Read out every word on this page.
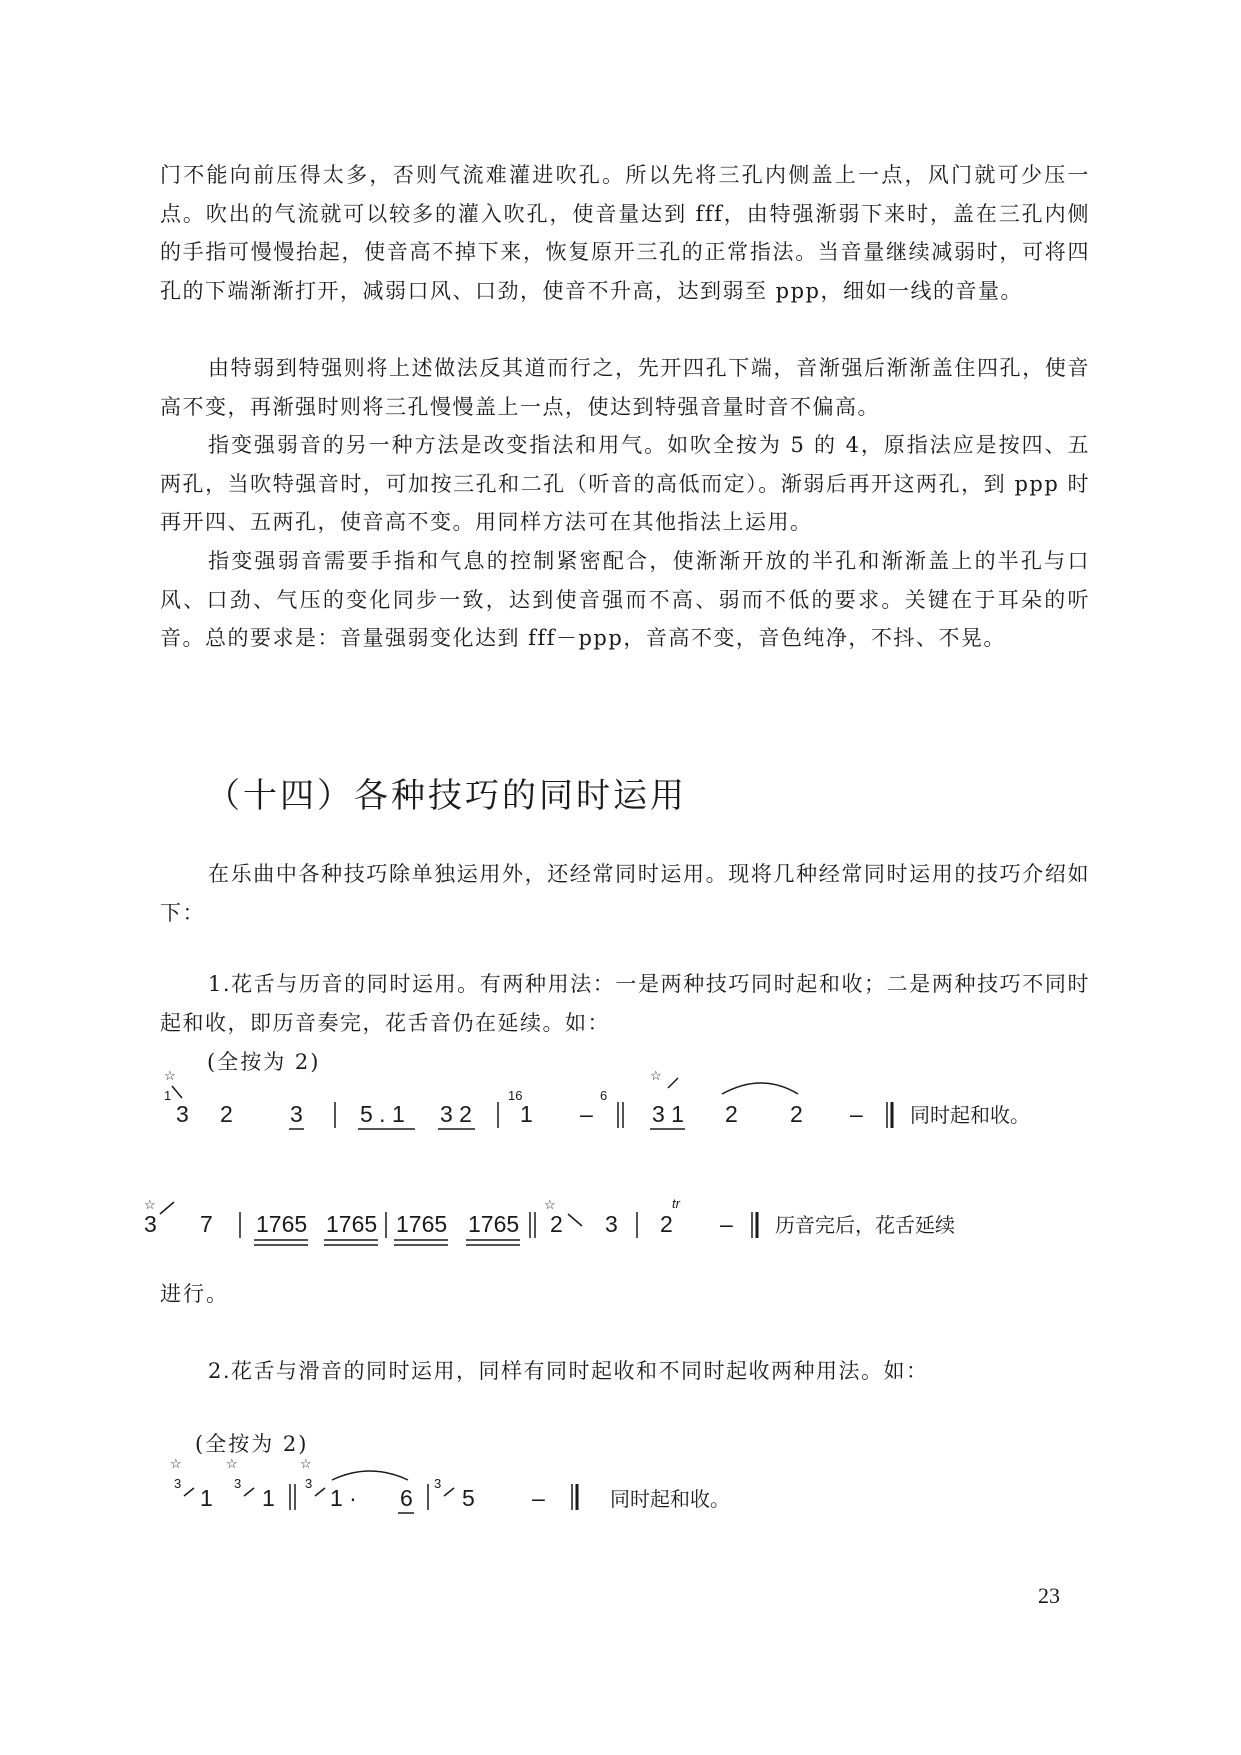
门不能向前压得太多，否则气流难灌进吹孔。所以先将三孔内侧盖上一点，风门就可少压一点。吹出的气流就可以较多的灌入吹孔，使音量达到 fff，由特强渐弱下来时，盖在三孔内侧的手指可慢慢抬起，使音高不掉下来，恢复原开三孔的正常指法。当音量继续减弱时，可将四孔的下端渐渐打开，减弱口风、口劲，使音不升高，达到弱至 ppp，细如一线的音量。

由特弱到特强则将上述做法反其道而行之，先开四孔下端，音渐强后渐渐盖住四孔，使音高不变，再渐强时则将三孔慢慢盖上一点，使达到特强音量时音不偏高。

指变强弱音的另一种方法是改变指法和用气。如吹全按为 5 的 4，原指法应是按四、五两孔，当吹特强音时，可加按三孔和二孔（听音的高低而定）。渐弱后再开这两孔，到 ppp 时再开四、五两孔，使音高不变。用同样方法可在其他指法上运用。

指变强弱音需要手指和气息的控制紧密配合，使渐渐开放的半孔和渐渐盖上的半孔与口风、口劲、气压的变化同步一致，达到使音强而不高、弱而不低的要求。关键在于耳朵的听音。总的要求是：音量强弱变化达到 fff－ppp，音高不变，音色纯净，不抖、不晃。

（十四）各种技巧的同时运用

在乐曲中各种技巧除单独运用外，还经常同时运用。现将几种经常同时运用的技巧介绍如下：

1.花舌与历音的同时运用。有两种用法：一是两种技巧同时起和收；二是两种技巧不同时起和收，即历音奏完，花舌音仍在延续。如：

(全按为 2)
☆
1
3 2 3 5 . 1 3 2
16
1 –
6
☆
3 1 2 2 – 同时起和收。
☆
3 7 1765 1765 1765 1765
☆
2 3 2
tr
– 历音完后，花舌延续
进行。

2.花舌与滑音的同时运用，同样有同时起收和不同时起收两种用法。如：

(全按为 2)
☆	☆	☆
3
1
3
1
3
1 · 6
3
5 –	同时起和收。
23
